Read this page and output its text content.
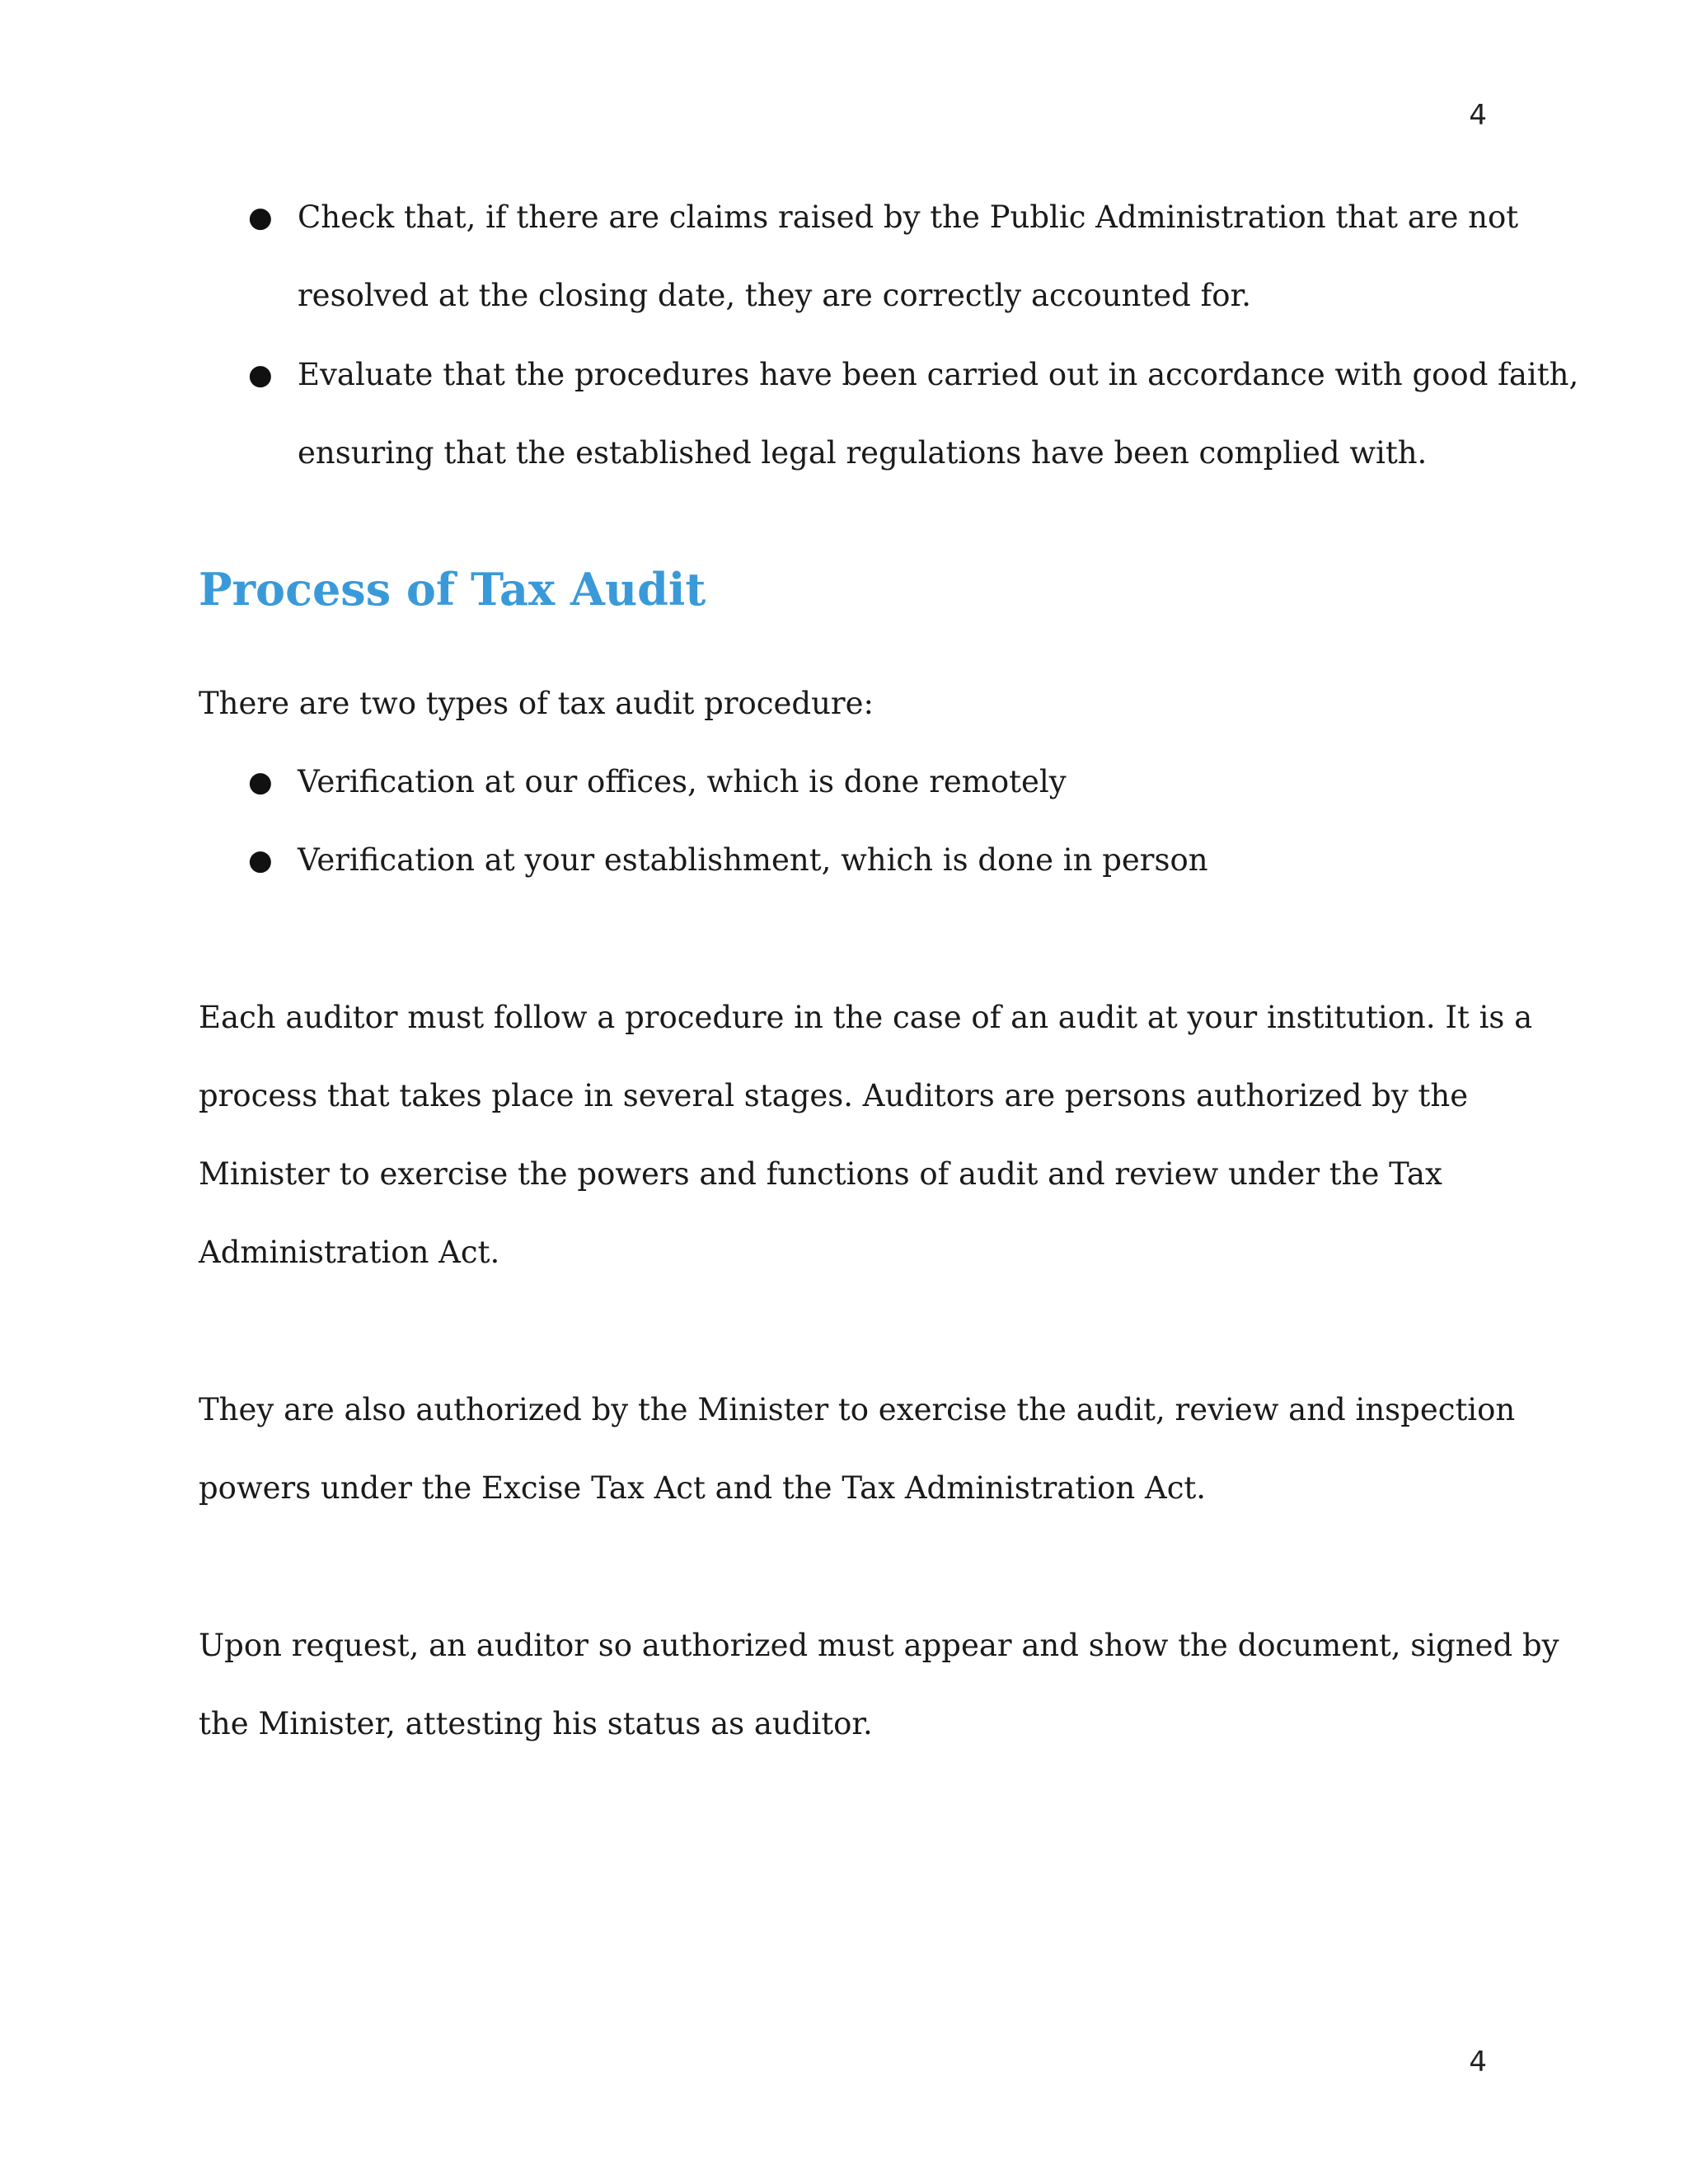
4
● Check that, if there are claims raised by the Public Administration that are not
resolved at the closing date, they are correctly accounted for.
● Evaluate that the procedures have been carried out in accordance with good faith,
ensuring that the established legal regulations have been complied with.
Process of Tax Audit
There are two types of tax audit procedure:
● Verification at our offices, which is done remotely
● Verification at your establishment, which is done in person
Each auditor must follow a procedure in the case of an audit at your institution. It is a
process that takes place in several stages. Auditors are persons authorized by the
Minister to exercise the powers and functions of audit and review under the Tax
Administration Act.
They are also authorized by the Minister to exercise the audit, review and inspection
powers under the Excise Tax Act and the Tax Administration Act.
Upon request, an auditor so authorized must appear and show the document, signed by
the Minister, attesting his status as auditor.
4
